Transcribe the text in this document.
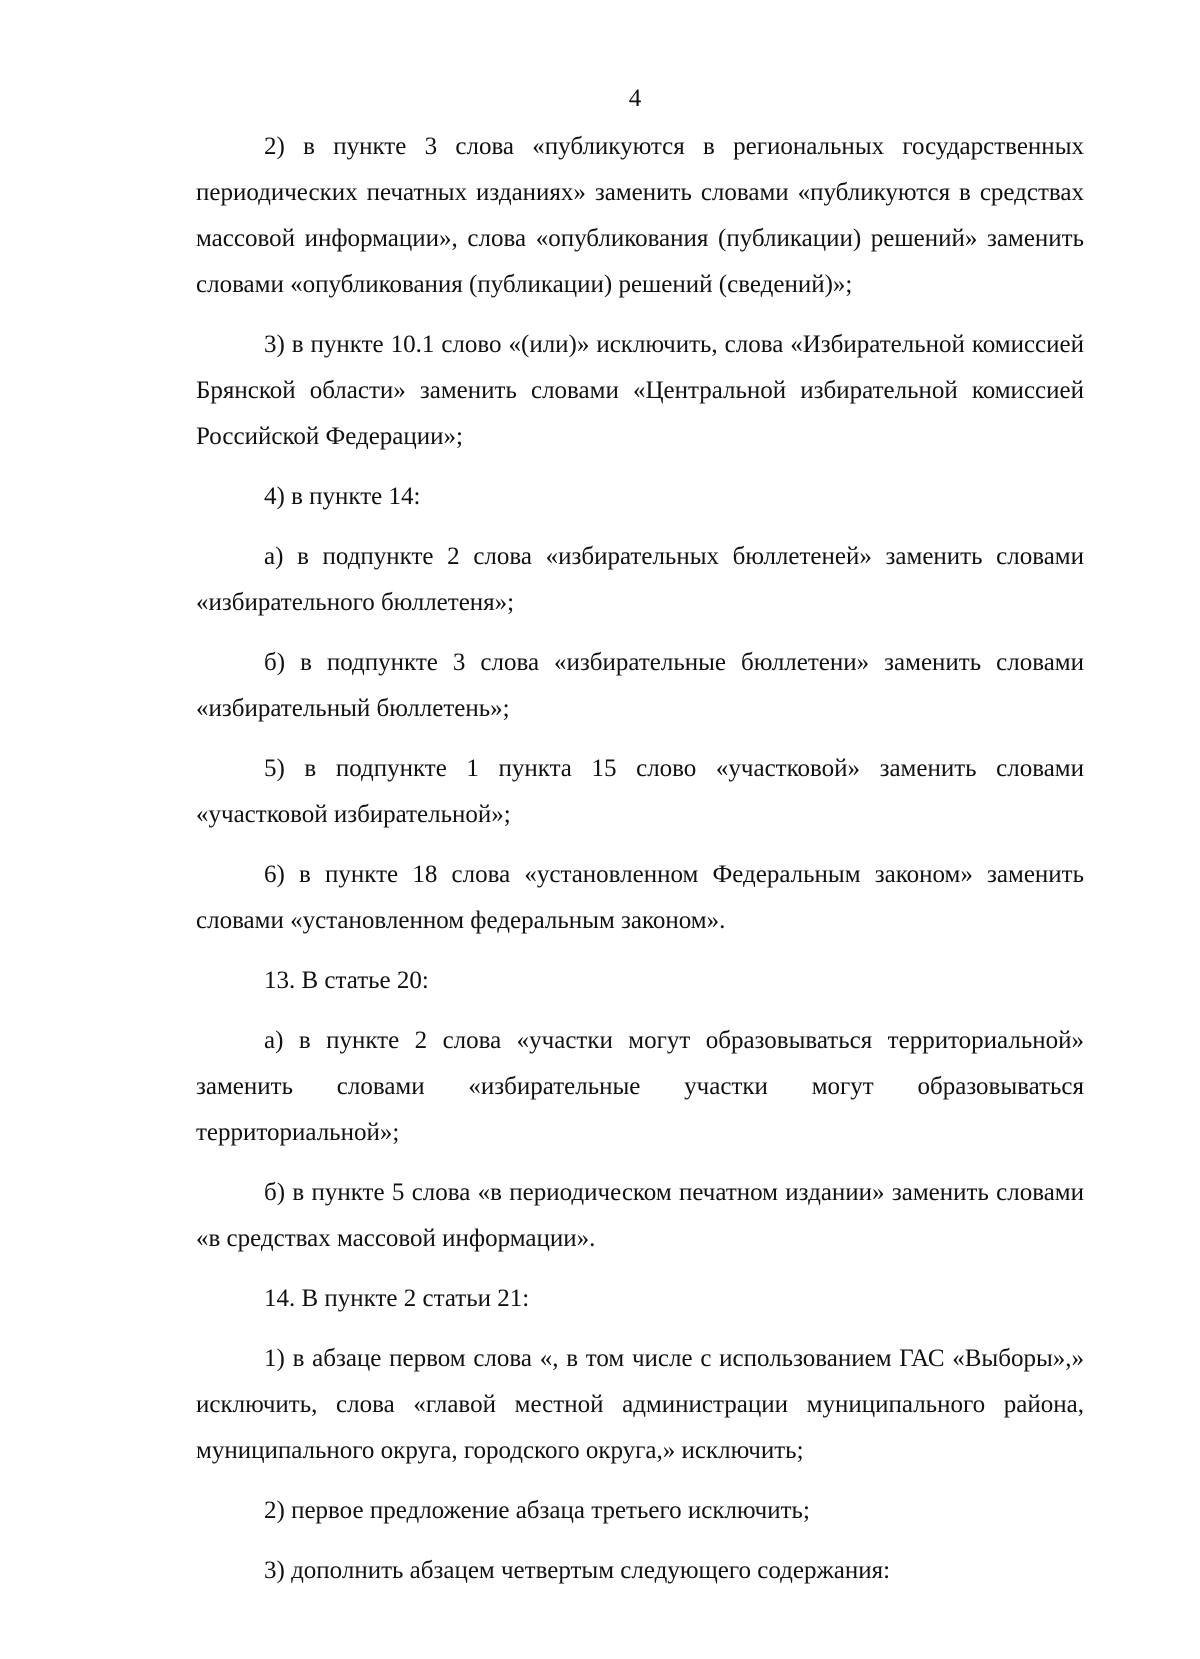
4

2) в пункте 3 слова «публикуются в региональных государственных периодических печатных изданиях» заменить словами «публикуются в средствах массовой информации», слова «опубликования (публикации) решений» заменить словами «опубликования (публикации) решений (сведений)»;

3) в пункте 10.1 слово «(или)» исключить, слова «Избирательной комиссией Брянской области» заменить словами «Центральной избирательной комиссией Российской Федерации»;

4) в пункте 14:

а) в подпункте 2 слова «избирательных бюллетеней» заменить словами «избирательного бюллетеня»;

б) в подпункте 3 слова «избирательные бюллетени» заменить словами «избирательный бюллетень»;

5) в подпункте 1 пункта 15 слово «участковой» заменить словами «участковой избирательной»;

6) в пункте 18 слова «установленном Федеральным законом» заменить словами «установленном федеральным законом».

13. В статье 20:

а) в пункте 2 слова «участки могут образовываться территориальной» заменить словами «избирательные участки могут образовываться территориальной»;

б) в пункте 5 слова «в периодическом печатном издании» заменить словами «в средствах массовой информации».

14. В пункте 2 статьи 21:

1) в абзаце первом слова «, в том числе с использованием ГАС «Выборы»,» исключить, слова «главой местной администрации муниципального района, муниципального округа, городского округа,» исключить;

2) первое предложение абзаца третьего исключить;

3) дополнить абзацем четвертым следующего содержания:
